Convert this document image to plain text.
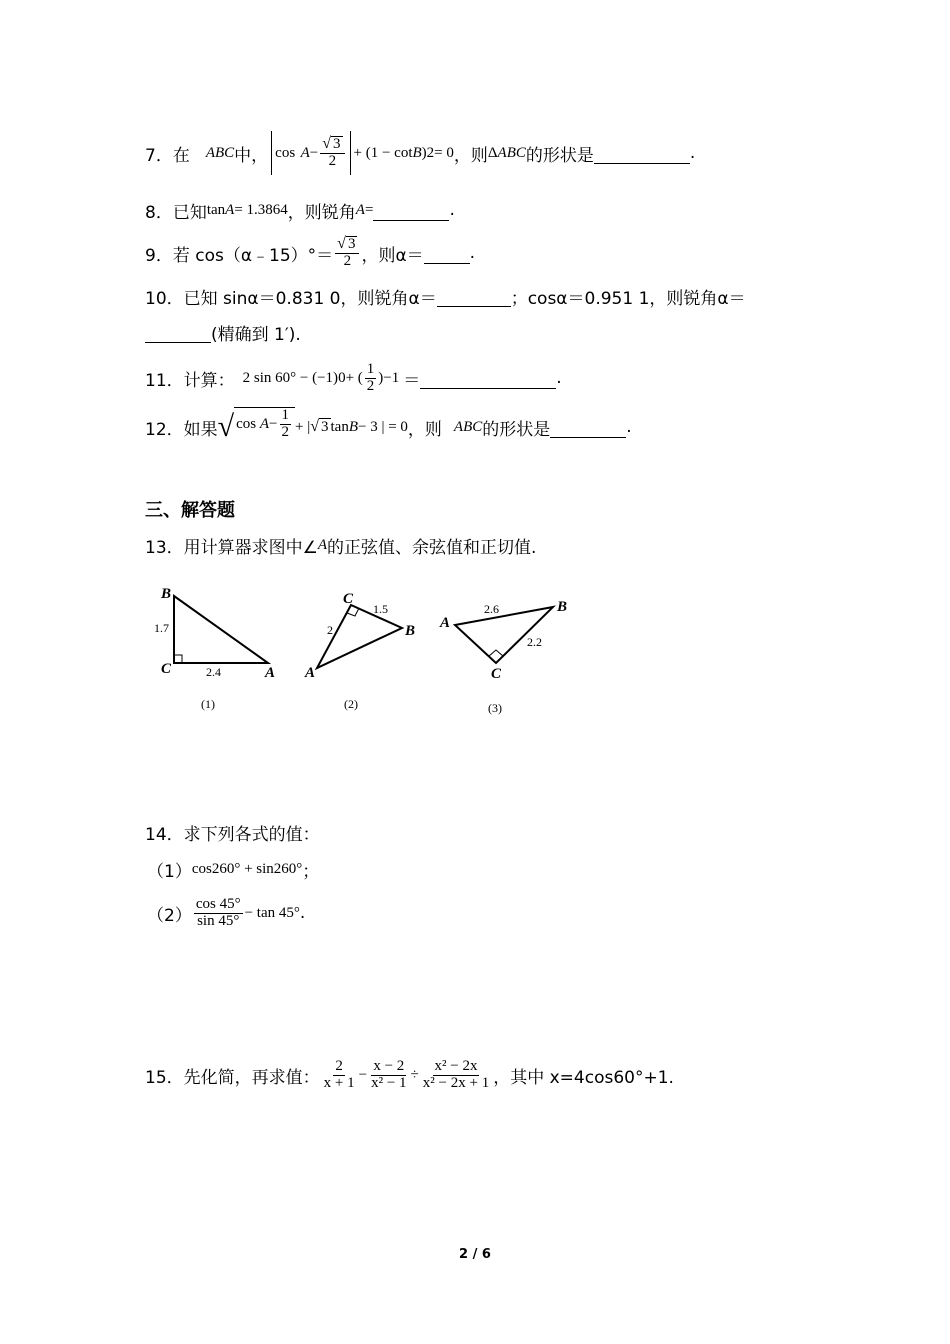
7．在 ABC 中， cos
$A - \frac{√ 3}{2} + (1 - \cot B$ ) 2 = 0 ，则 Δ ABC 的形状是
	.
8．已知 tan A = 1.3864 ，则锐角 A =
	.
9．若 cos（α﹣15）°＝ $\frac{√ 3}{2}$ ，则α＝
	.
10．已知 sinα＝0.831 0，则锐角α＝
	；cosα＝0.951 1，则锐角α＝

(精确到 1′).
11．计算： 2 sin 60° − (−1) 0 + ( $\frac{1}{2}$ ) −1 ＝
	.
12．如果 √ cos
$A - \frac{1}{2}$ + | √ 3 tan B − 3 | = 0 ，则 ABC 的形状是
	.
三、解答题
13．用计算器求图中∠ A 的正弦值、余弦值和正切值.
B
C	A
1.7
2.4
(1)
C
A
B
1.5
2
(2)
A
B
C
2.6
2.2
(3)
14．求下列各式的值：
（1） cos 2 60° + sin 2 60° ；
$(2) \frac{\cos 45^\circ}{\sin 45^\circ} - \tan 45^\circ$ .
15．先化简，再求值： $\frac{2}{x + 1} - \frac{x - 2}{\text{x² − 1}} \div \frac{\text{x² − 2x}}{\text{x² − 2x + 1}}$ ，其中 x=4cos60°+1.
2 / 6
